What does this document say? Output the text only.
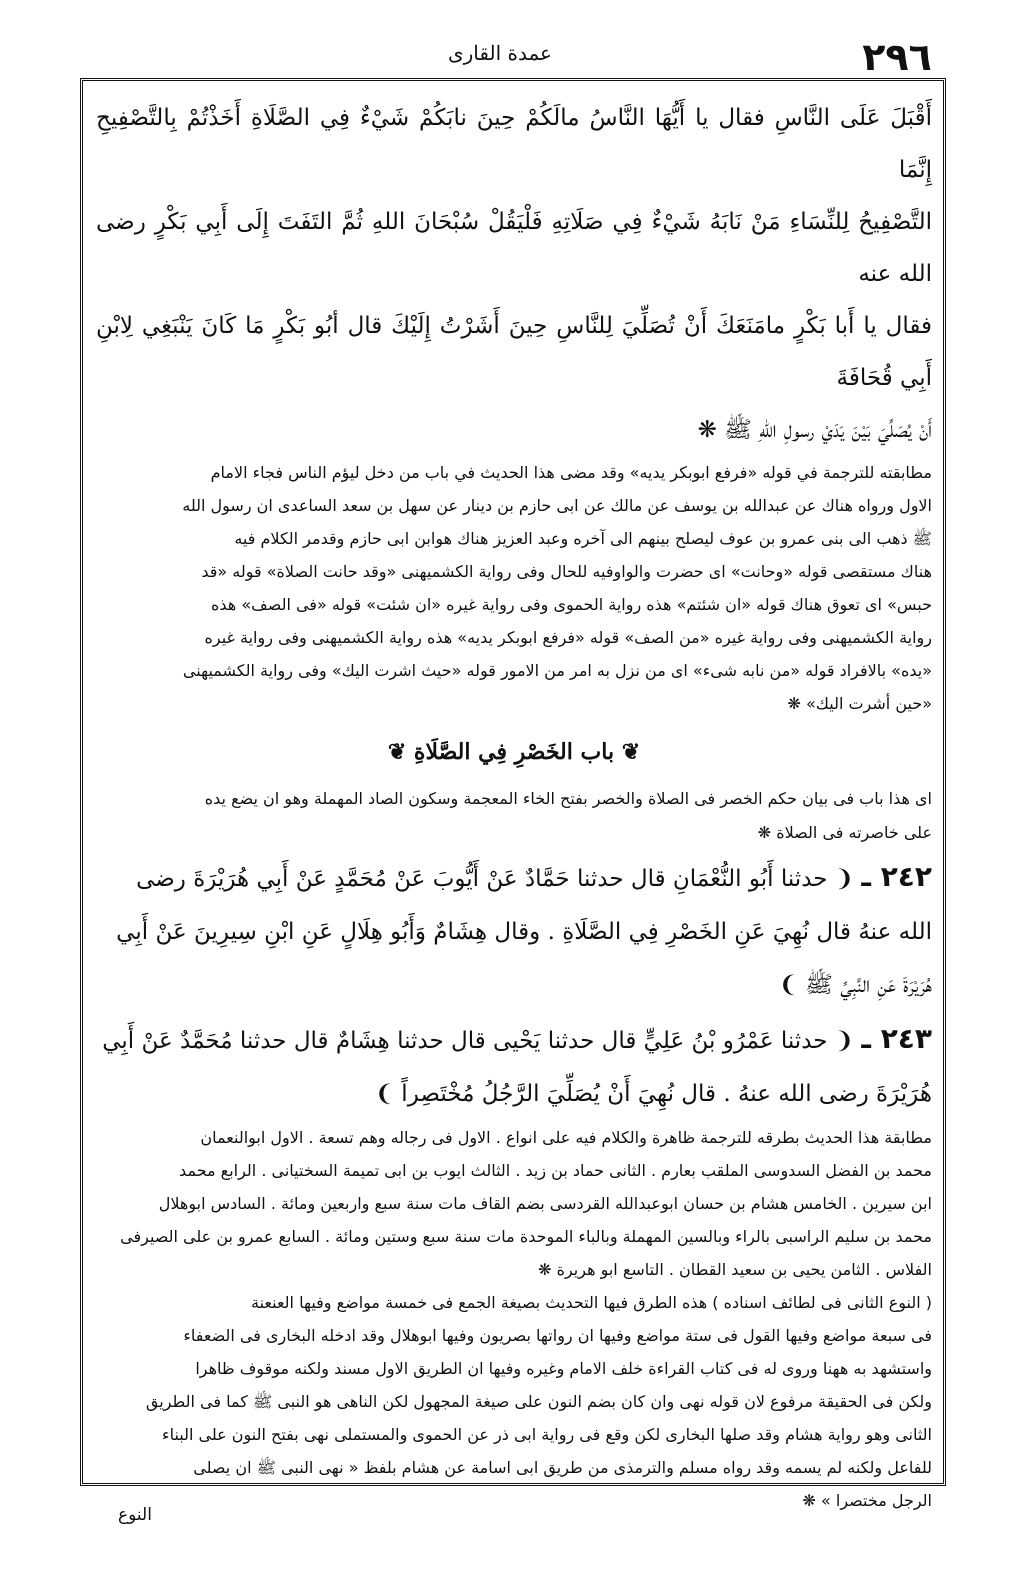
٢٩٦
عمدة القارى

أَقْبَلَ عَلَى النَّاسِ فقال يا أَيُّهَا النَّاسُ مالَكُمْ حِينَ نابَكُمْ شَيْءٌ فِي الصَّلَاةِ أَخَذْتُمْ بِالتَّصْفِيحِ إِنَّمَا

التَّصْفِيحُ لِلنِّسَاءِ مَنْ نَابَهُ شَيْءٌ فِي صَلَاتِهِ فَلْيَقُلْ سُبْحَانَ اللهِ ثُمَّ التَفَتَ إِلَى أَبِي بَكْرٍ رضى الله عنه

فقال يا أَبا بَكْرٍ مامَنَعَكَ أَنْ تُصَلِّيَ لِلنَّاسِ حِينَ أَشَرْتُ إِلَيْكَ قال أبُو بَكْرٍ مَا كَانَ يَنْبَغِي لِابْنِ أَبِي قُحَافَةَ

أَنْ يُصَلِّيَ بَيْنَ يَدَيْ رسولِ اللهِ ﷺ ❋

مطابقته للترجمة في قوله «فرفع ابوبكر يديه» وقد مضى هذا الحديث في باب من دخل ليؤم الناس فجاء الامام

الاول ورواه هناك عن عبدالله بن يوسف عن مالك عن ابى حازم بن دينار عن سهل بن سعد الساعدى ان رسول الله

ﷺ ذهب الى بنى عمرو بن عوف ليصلح بينهم الى آخره وعبد العزيز هناك هوابن ابى حازم وقدمر الكلام فيه

هناك مستقصى قوله «وحانت» اى حضرت والواوفيه للحال وفى رواية الكشميهنى «وقد حانت الصلاة» قوله «قد

حبس» اى تعوق هناك قوله «ان شئتم» هذه رواية الحموى وفى رواية غيره «ان شئت» قوله «فى الصف» هذه

رواية الكشميهنى وفى رواية غيره «من الصف» قوله «فرفع ابوبكر يديه» هذه رواية الكشميهنى وفى رواية غيره

«يده» بالافراد قوله «من نابه شىء» اى من نزل به امر من الامور قوله «حيث اشرت اليك» وفى رواية الكشميهنى

«حين أشرت اليك» ❋

❦ باب الخَصْرِ فِي الصَّلَاةِ ❦

اى هذا باب فى بيان حكم الخصر فى الصلاة والخصر بفتح الخاء المعجمة وسكون الصاد المهملة وهو ان يضع يده

على خاصرته فى الصلاة ❋

٢٤٢ ـ ❨ حدثنا أَبُو النُّعْمَانِ قال حدثنا حَمَّادٌ عَنْ أَيُّوبَ عَنْ مُحَمَّدٍ عَنْ أَبِي هُرَيْرَةَ رضى

الله عنهُ قال نُهِيَ عَنِ الخَصْرِ فِي الصَّلَاةِ . وقال هِشَامٌ وَأَبُو هِلَالٍ عَنِ ابْنِ سِيرِينَ عَنْ أَبِي

هُرَيْرَةَ عَنِ النَّبِيِّ ﷺ ❩

٢٤٣ ـ ❨ حدثنا عَمْرُو بْنُ عَلِيٍّ قال حدثنا يَحْيى قال حدثنا هِشَامٌ قال حدثنا مُحَمَّدٌ عَنْ أَبِي

هُرَيْرَةَ رضى الله عنهُ . قال نُهِيَ أَنْ يُصَلِّيَ الرَّجُلُ مُخْتَصِراً ❩

مطابقة هذا الحديث بطرقه للترجمة ظاهرة والكلام فيه على انواع . الاول فى رجاله وهم تسعة . الاول ابوالنعمان

محمد بن الفضل السدوسى الملقب بعارم . الثانى حماد بن زيد . الثالث ايوب بن ابى تميمة السختيانى . الرابع محمد

ابن سيرين . الخامس هشام بن حسان ابوعبدالله القردسى بضم القاف مات سنة سبع واربعين ومائة . السادس ابوهلال

محمد بن سليم الراسبى بالراء وبالسين المهملة وبالباء الموحدة مات سنة سبع وستين ومائة . السابع عمرو بن على الصيرفى

الفلاس . الثامن يحيى بن سعيد القطان . التاسع ابو هريرة ❋

( النوع الثانى فى لطائف اسناده ) هذه الطرق فيها التحديث بصيغة الجمع فى خمسة مواضع وفيها العنعنة

فى سبعة مواضع وفيها القول فى ستة مواضع وفيها ان رواتها بصريون وفيها ابوهلال وقد ادخله البخارى فى الضعفاء

واستشهد به ههنا وروى له فى كتاب القراءة خلف الامام وغيره وفيها ان الطريق الاول مسند ولكنه موقوف ظاهرا

ولكن فى الحقيقة مرفوع لان قوله نهى وان كان بضم النون على صيغة المجهول لكن الناهى هو النبى ﷺ كما فى الطريق

الثانى وهو رواية هشام وقد صلها البخارى لكن وقع فى رواية ابى ذر عن الحموى والمستملى نهى بفتح النون على البناء

للفاعل ولكنه لم يسمه وقد رواه مسلم والترمذى من طريق ابى اسامة عن هشام بلفظ « نهى النبى ﷺ ان يصلى

الرجل مختصرا » ❋

النوع
